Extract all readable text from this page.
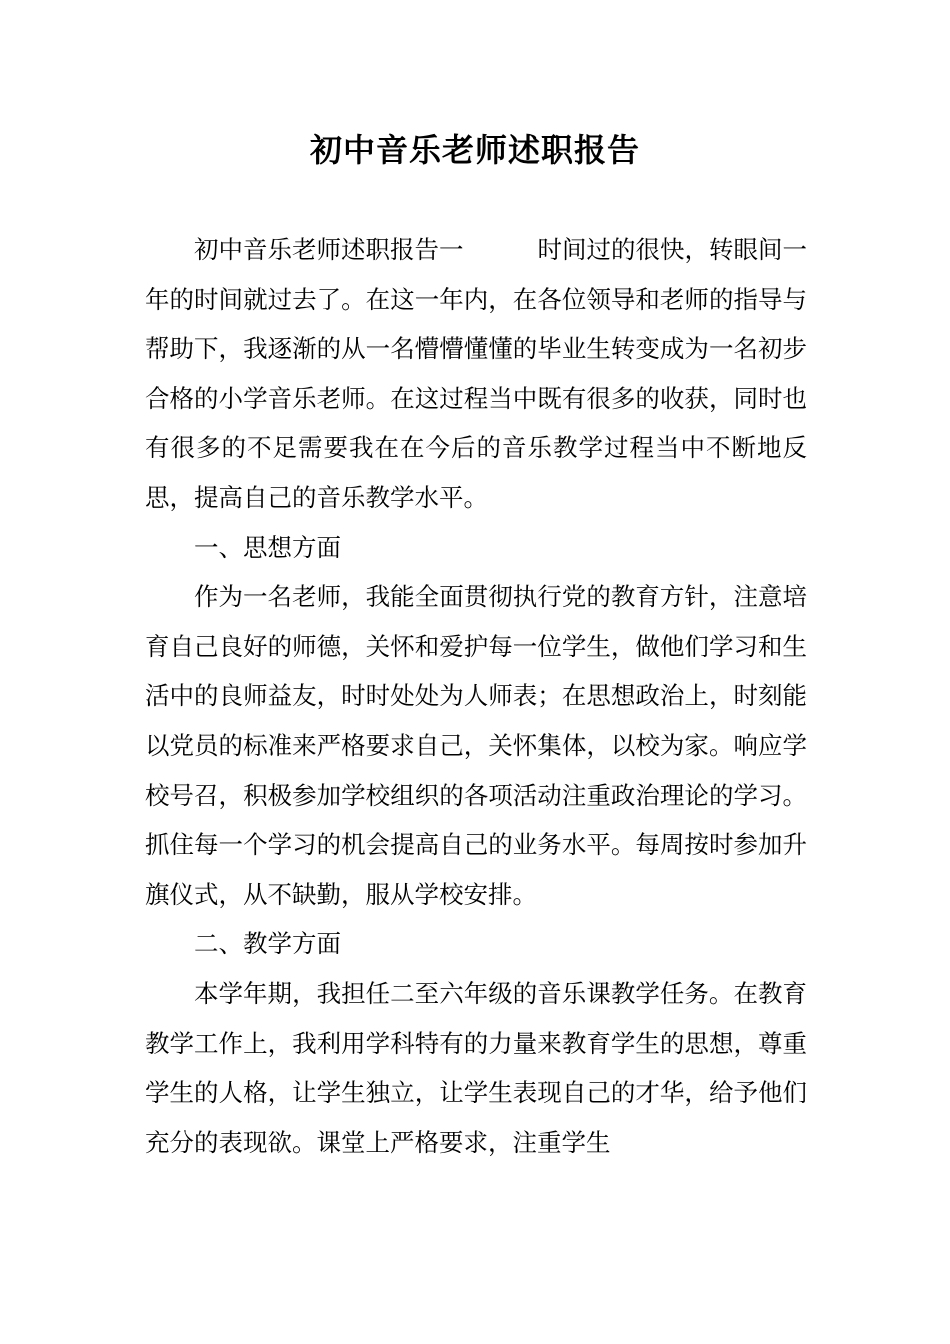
初中音乐老师述职报告

初中音乐老师述职报告一	时间过的很快，转眼间一年的时间就过去了。在这一年内，在各位领导和老师的指导与帮助下，我逐渐的从一名懵懵懂懂的毕业生转变成为一名初步合格的小学音乐老师。在这过程当中既有很多的收获，同时也有很多的不足需要我在在今后的音乐教学过程当中不断地反思，提高自己的音乐教学水平。

一、思想方面

作为一名老师，我能全面贯彻执行党的教育方针，注意培育自己良好的师德，关怀和爱护每一位学生，做他们学习和生活中的良师益友，时时处处为人师表；在思想政治上，时刻能以党员的标准来严格要求自己，关怀集体，以校为家。响应学校号召，积极参加学校组织的各项活动注重政治理论的学习。抓住每一个学习的机会提高自己的业务水平。每周按时参加升旗仪式，从不缺勤，服从学校安排。

二、教学方面

本学年期，我担任二至六年级的音乐课教学任务。在教育教学工作上，我利用学科特有的力量来教育学生的思想，尊重学生的人格，让学生独立，让学生表现自己的才华，给予他们充分的表现欲。课堂上严格要求，注重学生
